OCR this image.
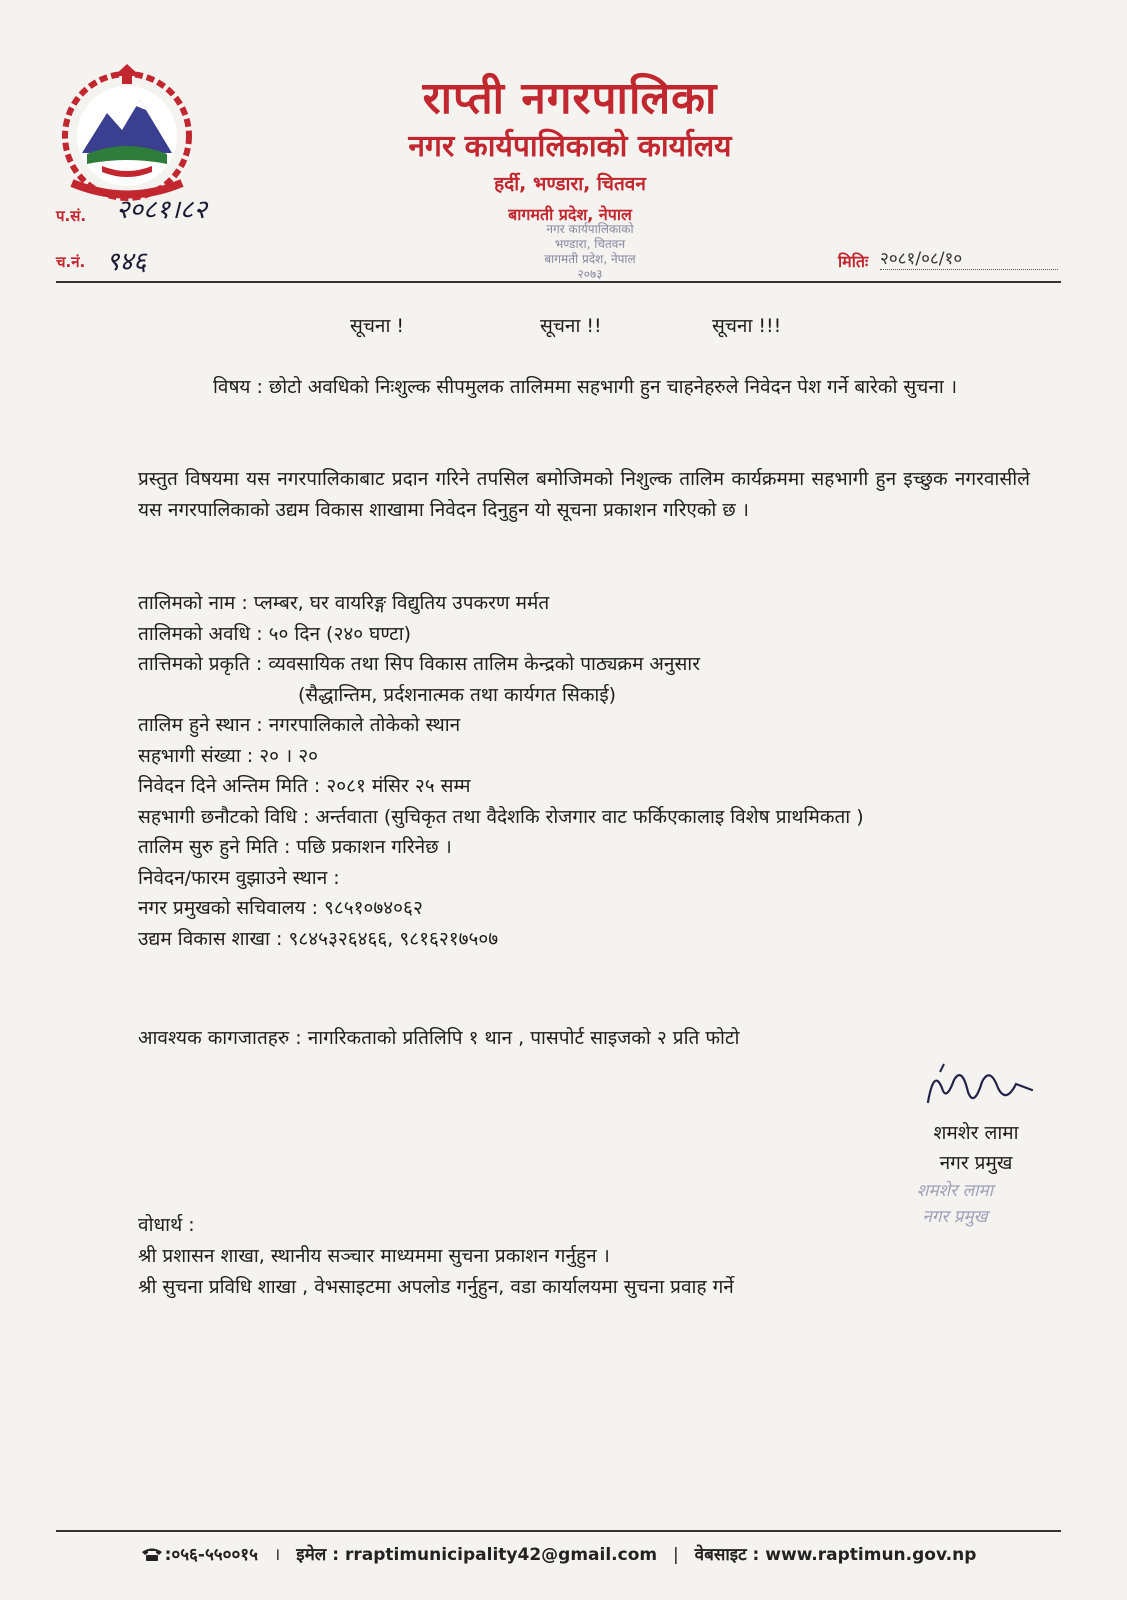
राप्ती नगरपालिका
नगर कार्यपालिकाको कार्यालय
हर्दी, भण्डारा, चितवन
बागमती प्रदेश, नेपाल
नगर कार्यपालिकाको
भण्डारा, चितवन
बागमती प्रदेश, नेपाल
२०७३
प.सं. २०८१।८२
च.नं. ९४६	मितिः २०८१/०८/१०
सूचना !	सूचना !!	सूचना !!!
विषय : छोटो अवधिको निःशुल्क सीपमुलक तालिममा सहभागी हुन चाहनेहरुले निवेदन पेश गर्ने बारेको सुचना ।
प्रस्तुत विषयमा यस नगरपालिकाबाट प्रदान गरिने तपसिल बमोजिमको निशुल्क तालिम कार्यक्रममा सहभागी हुन इच्छुक नगरवासीले यस नगरपालिकाको उद्यम विकास शाखामा निवेदन दिनुहुन यो सूचना प्रकाशन गरिएको छ ।
तालिमको नाम : प्लम्बर, घर वायरिङ्ग विद्युतिय उपकरण मर्मत
तालिमको अवधि : ५० दिन (२४० घण्टा)
तात्तिमको प्रकृति : व्यवसायिक तथा सिप विकास तालिम केन्द्रको पाठ्यक्रम अनुसार
(सैद्धान्तिम, प्रर्दशनात्मक तथा कार्यगत सिकाई)
तालिम हुने स्थान : नगरपालिकाले तोकेको स्थान
सहभागी संख्या : २० । २०
निवेदन दिने अन्तिम मिति : २०८१ मंसिर २५ सम्म
सहभागी छनौटको विधि : अर्न्तवाता (सुचिकृत तथा वैदेशकि रोजगार वाट फर्किएकालाइ विशेष प्राथमिकता )
तालिम सुरु हुने मिति : पछि प्रकाशन गरिनेछ ।
निवेदन/फारम वुझाउने स्थान :
नगर प्रमुखको सचिवालय : ९८५१०७४०६२
उद्यम विकास शाखा : ९८४५३२६४६६, ९८१६२१७५०७
आवश्यक कागजातहरु : नागरिकताको प्रतिलिपि १ थान , पासपोर्ट साइजको २ प्रति फोटो
शमशेर लामा
नगर प्रमुख
शमशेर लामा
नगर प्रमुख
वोधार्थ :
श्री प्रशासन शाखा, स्थानीय सञ्चार माध्यममा सुचना प्रकाशन गर्नुहुन ।
श्री सुचना प्रविधि शाखा , वेभसाइटमा अपलोड गर्नुहुन, वडा कार्यालयमा सुचना प्रवाह गर्ने
:०५६-५५००१५ । इमेल : rraptimunicipality42@gmail.com | वेबसाइट : www.raptimun.gov.np
